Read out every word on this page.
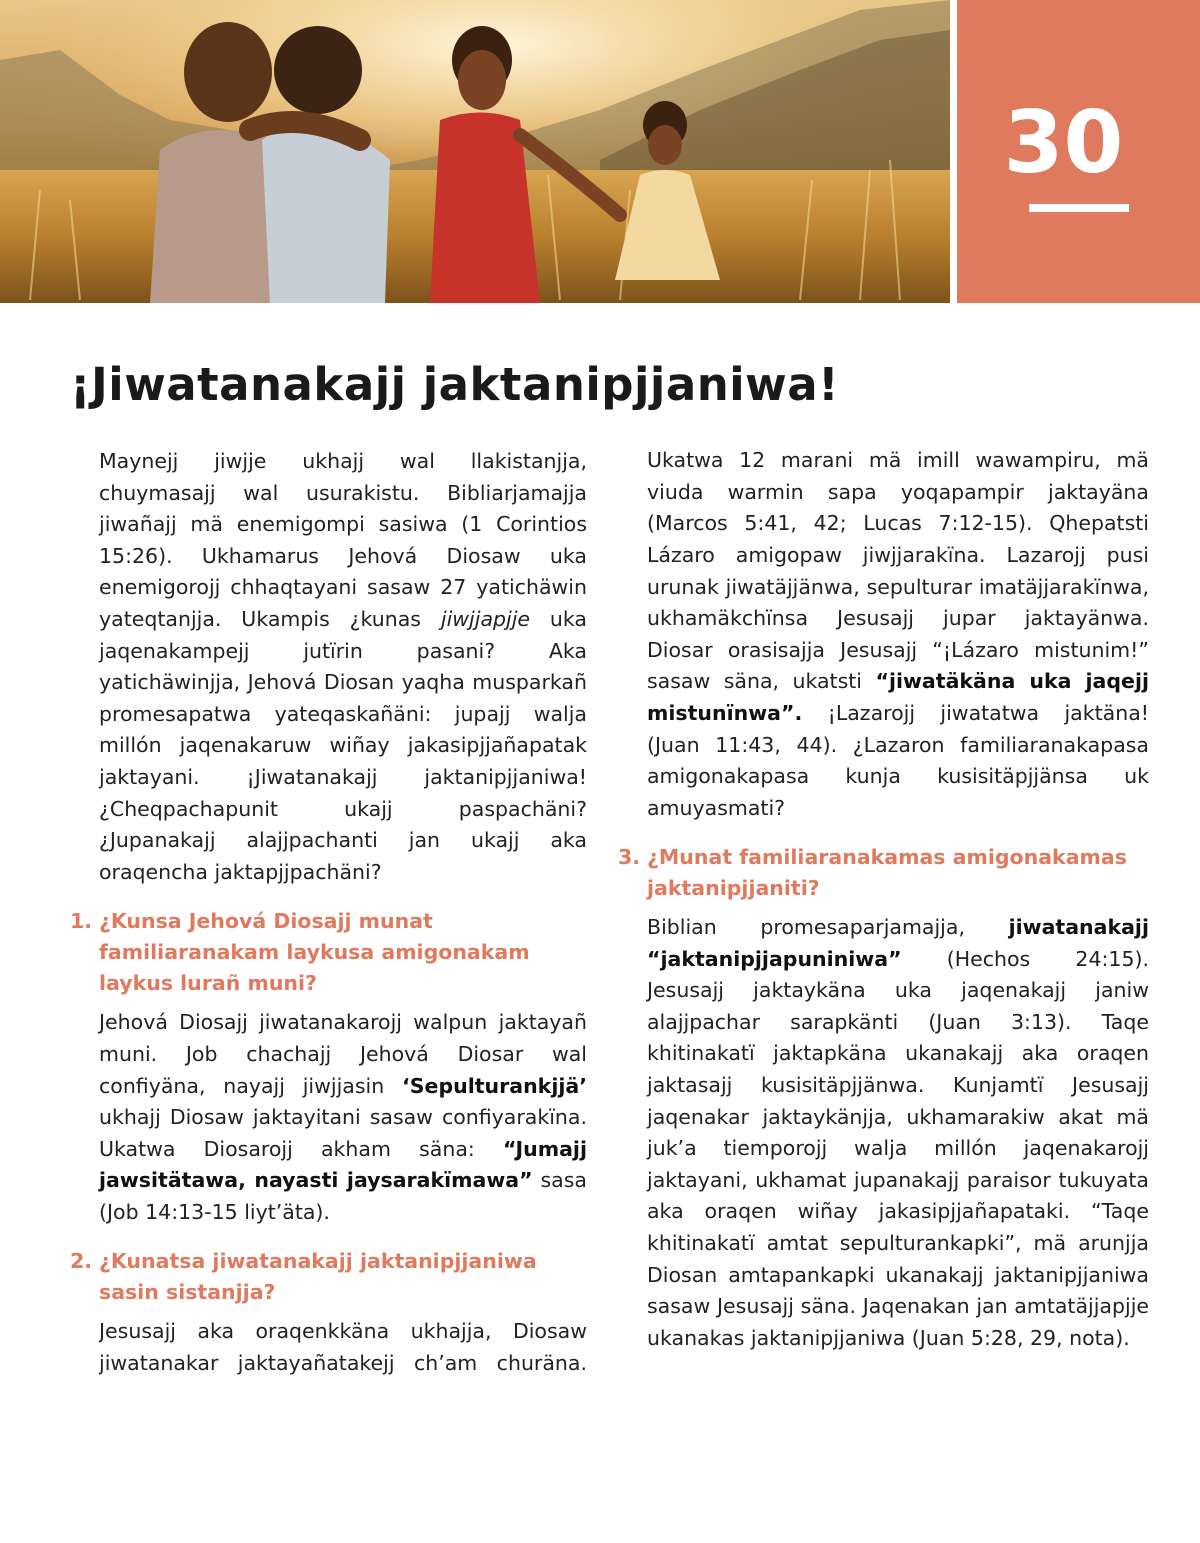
30
¡Jiwatanakajj jaktanipjjaniwa!

Maynejj jiwjje ukhajj wal llakistanjja, chuymasajj wal usurakistu. Bibliarjamajja jiwañajj mä enemigompi sasiwa (1 Corintios 15:26). Ukhamarus Jehová Diosaw uka enemigorojj chhaqtayani sasaw 27 yatichäwin yateqtanjja. Ukampis ¿kunas jiwjjapjje uka jaqenakampejj jutïrin pasani? Aka yatichäwinjja, Jehová Diosan yaqha musparkañ promesapatwa yateqaskañäni: jupajj walja millón jaqenakaruw wiñay jakasipjjañapatak jaktayani. ¡Jiwatanakajj jaktanipjjaniwa! ¿Cheqpachapunit ukajj paspachäni? ¿Jupanakajj alajjpachanti jan ukajj aka oraqencha jaktapjjpachäni?

1. ¿Kunsa Jehová Diosajj munat familiaranakam laykusa amigonakam laykus lurañ muni?

Jehová Diosajj jiwatanakarojj walpun jaktayañ muni. Job chachajj Jehová Diosar wal confiyäna, nayajj jiwjjasin ‘Sepulturankjjä’ ukhajj Diosaw jaktayitani sasaw confiyarakïna. Ukatwa Diosarojj akham säna: “Jumajj jawsitätawa, nayasti jaysarakïmawa” sasa (Job 14:13-15 liyt’äta).

2. ¿Kunatsa jiwatanakajj jaktanipjjaniwa sasin sistanjja?

Jesusajj aka oraqenkkäna ukhajja, Diosaw jiwatanakar jaktayañatakejj ch’am churäna.

Ukatwa 12 marani mä imill wawampiru, mä viuda warmin sapa yoqapampir jaktayäna (Marcos 5:41, 42; Lucas 7:12-15). Qhepatsti Lázaro amigopaw jiwjjarakïna. Lazarojj pusi urunak jiwatäjjänwa, sepulturar imatäjjarakïnwa, ukhamäkchïnsa Jesusajj jupar jaktayänwa. Diosar orasisajja Jesusajj “¡Lázaro mistunim!” sasaw säna, ukatsti “jiwatäkäna uka jaqejj mistunïnwa”. ¡Lazarojj jiwatatwa jaktäna! (Juan 11:43, 44). ¿Lazaron familiaranakapasa amigonakapasa kunja kusisitäpjjänsa uk amuyasmati?

3. ¿Munat familiaranakamas amigonakamas jaktanipjjaniti?

Biblian promesaparjamajja, jiwatanakajj “jaktanipjjapuniniwa” (Hechos 24:15). Jesusajj jaktaykäna uka jaqenakajj janiw alajjpachar sarapkänti (Juan 3:13). Taqe khitinakatï jaktapkäna ukanakajj aka oraqen jaktasajj kusisitäpjjänwa. Kunjamtï Jesusajj jaqenakar jaktaykänjja, ukhamarakiw akat mä juk’a tiemporojj walja millón jaqenakarojj jaktayani, ukhamat jupanakajj paraisor tukuyata aka oraqen wiñay jakasipjjañapataki. “Taqe khitinakatï amtat sepulturankapki”, mä arunjja Diosan amtapankapki ukanakajj jaktanipjjaniwa sasaw Jesusajj säna. Jaqenakan jan amtatäjjapjje ukanakas jaktanipjjaniwa (Juan 5:28, 29, nota).
